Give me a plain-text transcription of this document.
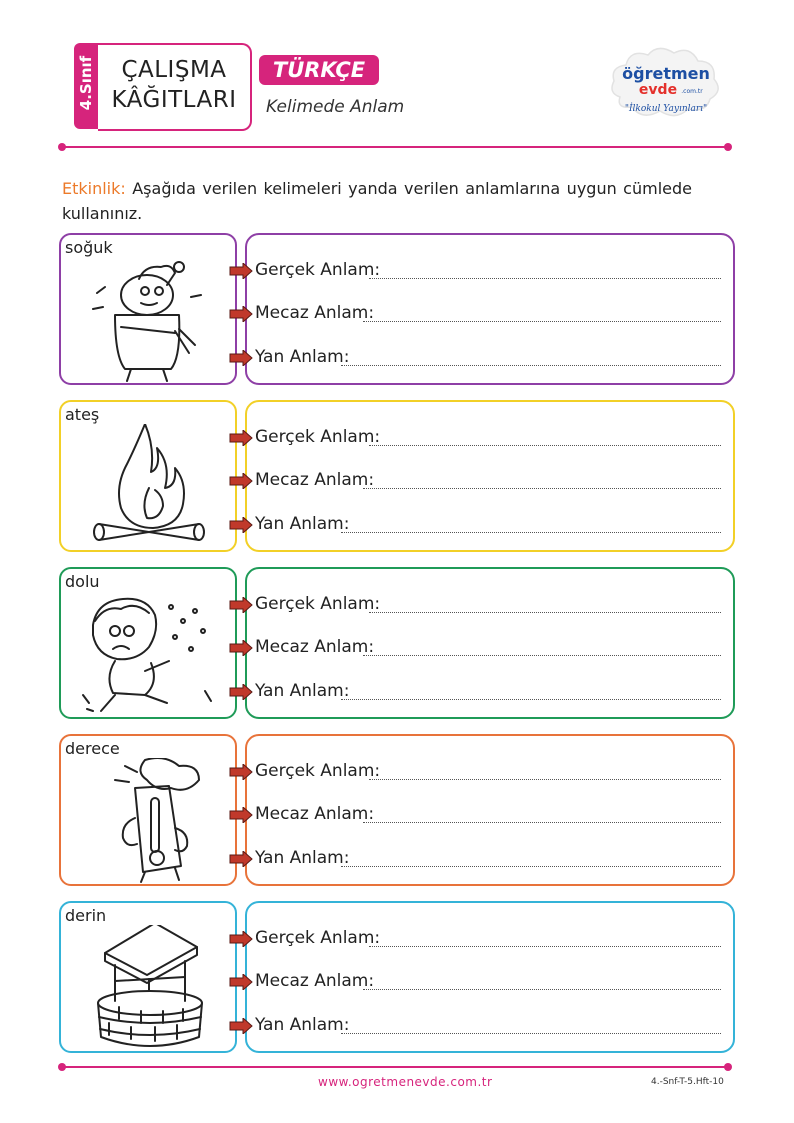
4.Sınıf	ÇALIŞMA
KÂĞITLARI
TÜRKÇE
Kelimede Anlam
öğretmen
evde .com.tr
"İlkokul Yayınları"
Etkinlik: Aşağıda verilen kelimeleri yanda verilen anlamlarına uygun cümlede kullanınız.
soğuk
Gerçek Anlam:
Mecaz Anlam:
Yan Anlam:
ateş
Gerçek Anlam:
Mecaz Anlam:
Yan Anlam:
dolu
Gerçek Anlam:
Mecaz Anlam:
Yan Anlam:
derece
Gerçek Anlam:
Mecaz Anlam:
Yan Anlam:
derin
Gerçek Anlam:
Mecaz Anlam:
Yan Anlam:
www.ogretmenevde.com.tr	4.-Snf-T-5.Hft-10
